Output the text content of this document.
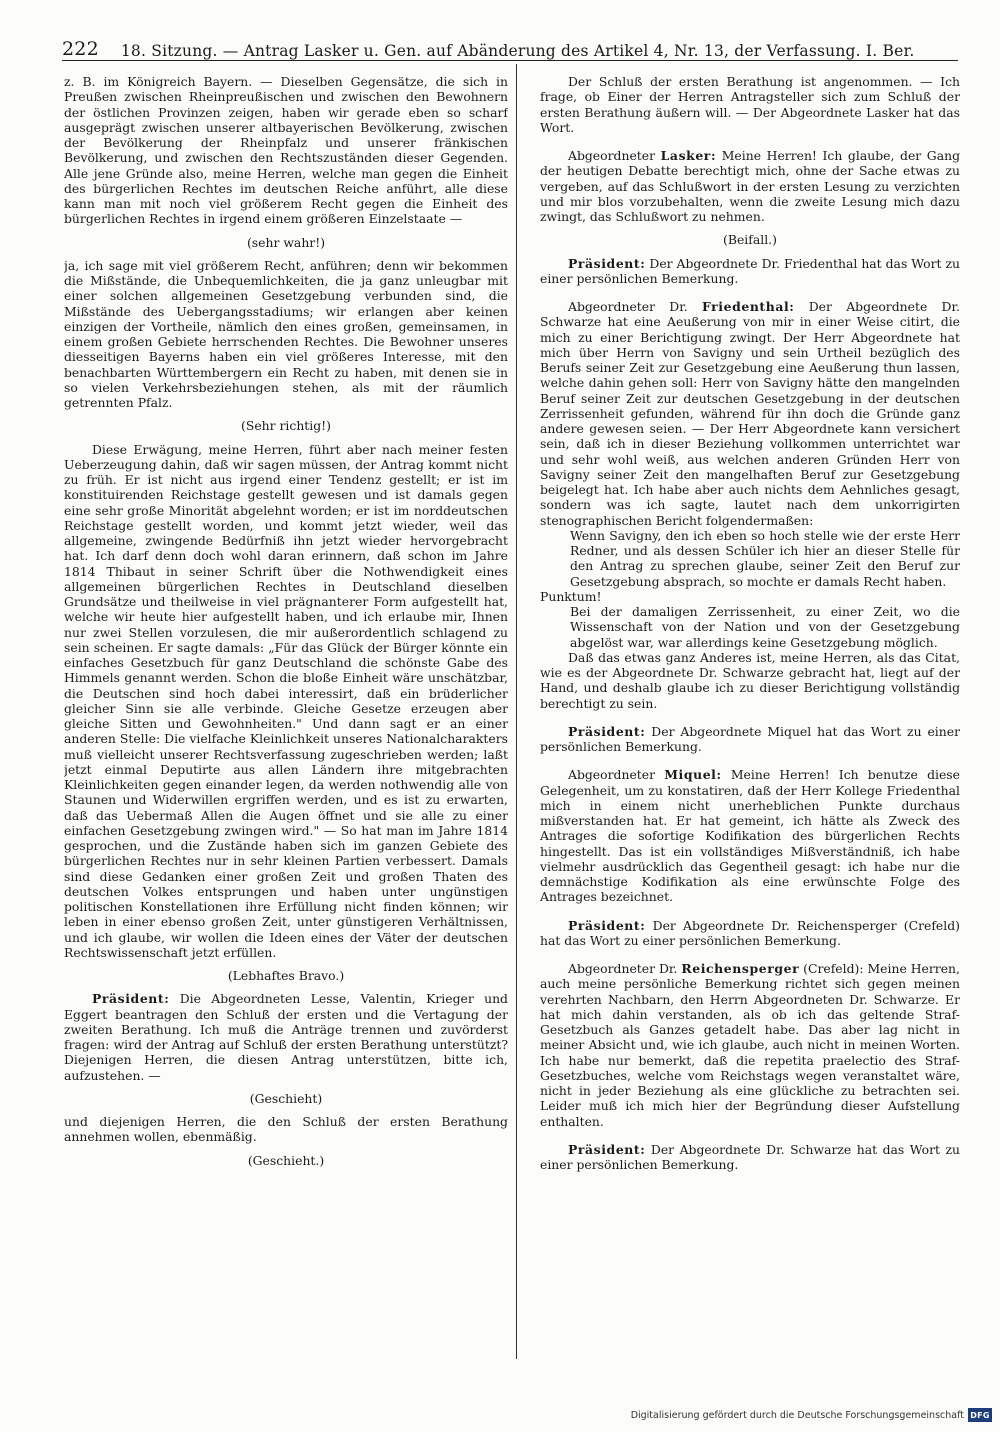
222 18. Sitzung. — Antrag Lasker u. Gen. auf Abänderung des Artikel 4, Nr. 13, der Verfassung. I. Ber.

z. B. im Königreich Bayern. — Dieselben Gegensätze, die sich in Preußen zwischen Rheinpreußischen und zwischen den Bewohnern der östlichen Provinzen zeigen, haben wir gerade eben so scharf ausgeprägt zwischen unserer altbayerischen Bevölkerung, zwischen der Bevölkerung der Rheinpfalz und unserer fränkischen Bevölkerung, und zwischen den Rechtszuständen dieser Gegenden. Alle jene Gründe also, meine Herren, welche man gegen die Einheit des bürgerlichen Rechtes im deutschen Reiche anführt, alle diese kann man mit noch viel größerem Recht gegen die Einheit des bürgerlichen Rechtes in irgend einem größeren Einzelstaate —

(sehr wahr!)

ja, ich sage mit viel größerem Recht, anführen; denn wir bekommen die Mißstände, die Unbequemlichkeiten, die ja ganz unleugbar mit einer solchen allgemeinen Gesetzgebung verbunden sind, die Mißstände des Uebergangsstadiums; wir erlangen aber keinen einzigen der Vortheile, nämlich den eines großen, gemeinsamen, in einem großen Gebiete herrschenden Rechtes. Die Bewohner unseres diesseitigen Bayerns haben ein viel größeres Interesse, mit den benachbarten Württembergern ein Recht zu haben, mit denen sie in so vielen Verkehrsbeziehungen stehen, als mit der räumlich getrennten Pfalz.

(Sehr richtig!)

Diese Erwägung, meine Herren, führt aber nach meiner festen Ueberzeugung dahin, daß wir sagen müssen, der Antrag kommt nicht zu früh. Er ist nicht aus irgend einer Tendenz gestellt; er ist im konstituirenden Reichstage gestellt gewesen und ist damals gegen eine sehr große Minorität abgelehnt worden; er ist im norddeutschen Reichstage gestellt worden, und kommt jetzt wieder, weil das allgemeine, zwingende Bedürfniß ihn jetzt wieder hervorgebracht hat. Ich darf denn doch wohl daran erinnern, daß schon im Jahre 1814 Thibaut in seiner Schrift über die Nothwendigkeit eines allgemeinen bürgerlichen Rechtes in Deutschland dieselben Grundsätze und theilweise in viel prägnanterer Form aufgestellt hat, welche wir heute hier aufgestellt haben, und ich erlaube mir, Ihnen nur zwei Stellen vorzulesen, die mir außerordentlich schlagend zu sein scheinen. Er sagte damals: „Für das Glück der Bürger könnte ein einfaches Gesetzbuch für ganz Deutschland die schönste Gabe des Himmels genannt werden. Schon die bloße Einheit wäre unschätzbar, die Deutschen sind hoch dabei interessirt, daß ein brüderlicher gleicher Sinn sie alle verbinde. Gleiche Gesetze erzeugen aber gleiche Sitten und Gewohnheiten." Und dann sagt er an einer anderen Stelle: Die vielfache Kleinlichkeit unseres Nationalcharakters muß vielleicht unserer Rechtsverfassung zugeschrieben werden; laßt jetzt einmal Deputirte aus allen Ländern ihre mitgebrachten Kleinlichkeiten gegen einander legen, da werden nothwendig alle von Staunen und Widerwillen ergriffen werden, und es ist zu erwarten, daß das Uebermaß Allen die Augen öffnet und sie alle zu einer einfachen Gesetzgebung zwingen wird." — So hat man im Jahre 1814 gesprochen, und die Zustände haben sich im ganzen Gebiete des bürgerlichen Rechtes nur in sehr kleinen Partien verbessert. Damals sind diese Gedanken einer großen Zeit und großen Thaten des deutschen Volkes entsprungen und haben unter ungünstigen politischen Konstellationen ihre Erfüllung nicht finden können; wir leben in einer ebenso großen Zeit, unter günstigeren Verhältnissen, und ich glaube, wir wollen die Ideen eines der Väter der deutschen Rechtswissenschaft jetzt erfüllen.

(Lebhaftes Bravo.)

Präsident: Die Abgeordneten Lesse, Valentin, Krieger und Eggert beantragen den Schluß der ersten und die Vertagung der zweiten Berathung. Ich muß die Anträge trennen und zuvörderst fragen: wird der Antrag auf Schluß der ersten Berathung unterstützt? Diejenigen Herren, die diesen Antrag unterstützen, bitte ich, aufzustehen. —

(Geschieht)

und diejenigen Herren, die den Schluß der ersten Berathung annehmen wollen, ebenmäßig.

(Geschieht.)

Der Schluß der ersten Berathung ist angenommen. — Ich frage, ob Einer der Herren Antragsteller sich zum Schluß der ersten Berathung äußern will. — Der Abgeordnete Lasker hat das Wort.

Abgeordneter Lasker: Meine Herren! Ich glaube, der Gang der heutigen Debatte berechtigt mich, ohne der Sache etwas zu vergeben, auf das Schlußwort in der ersten Lesung zu verzichten und mir blos vorzubehalten, wenn die zweite Lesung mich dazu zwingt, das Schlußwort zu nehmen.

(Beifall.)

Präsident: Der Abgeordnete Dr. Friedenthal hat das Wort zu einer persönlichen Bemerkung.

Abgeordneter Dr. Friedenthal: Der Abgeordnete Dr. Schwarze hat eine Aeußerung von mir in einer Weise citirt, die mich zu einer Berichtigung zwingt. Der Herr Abgeordnete hat mich über Herrn von Savigny und sein Urtheil bezüglich des Berufs seiner Zeit zur Gesetzgebung eine Aeußerung thun lassen, welche dahin gehen soll: Herr von Savigny hätte den mangelnden Beruf seiner Zeit zur deutschen Gesetzgebung in der deutschen Zerrissenheit gefunden, während für ihn doch die Gründe ganz andere gewesen seien. — Der Herr Abgeordnete kann versichert sein, daß ich in dieser Beziehung vollkommen unterrichtet war und sehr wohl weiß, aus welchen anderen Gründen Herr von Savigny seiner Zeit den mangelhaften Beruf zur Gesetzgebung beigelegt hat. Ich habe aber auch nichts dem Aehnliches gesagt, sondern was ich sagte, lautet nach dem unkorrigirten stenographischen Bericht folgendermaßen:

Wenn Savigny, den ich eben so hoch stelle wie der erste Herr Redner, und als dessen Schüler ich hier an dieser Stelle für den Antrag zu sprechen glaube, seiner Zeit den Beruf zur Gesetzgebung absprach, so mochte er damals Recht haben.

Punktum!

Bei der damaligen Zerrissenheit, zu einer Zeit, wo die Wissenschaft von der Nation und von der Gesetzgebung abgelöst war, war allerdings keine Gesetzgebung möglich.

Daß das etwas ganz Anderes ist, meine Herren, als das Citat, wie es der Abgeordnete Dr. Schwarze gebracht hat, liegt auf der Hand, und deshalb glaube ich zu dieser Berichtigung vollständig berechtigt zu sein.

Präsident: Der Abgeordnete Miquel hat das Wort zu einer persönlichen Bemerkung.

Abgeordneter Miquel: Meine Herren! Ich benutze diese Gelegenheit, um zu konstatiren, daß der Herr Kollege Friedenthal mich in einem nicht unerheblichen Punkte durchaus mißverstanden hat. Er hat gemeint, ich hätte als Zweck des Antrages die sofortige Kodifikation des bürgerlichen Rechts hingestellt. Das ist ein vollständiges Mißverständniß, ich habe vielmehr ausdrücklich das Gegentheil gesagt: ich habe nur die demnächstige Kodifikation als eine erwünschte Folge des Antrages bezeichnet.

Präsident: Der Abgeordnete Dr. Reichensperger (Crefeld) hat das Wort zu einer persönlichen Bemerkung.

Abgeordneter Dr. Reichensperger (Crefeld): Meine Herren, auch meine persönliche Bemerkung richtet sich gegen meinen verehrten Nachbarn, den Herrn Abgeordneten Dr. Schwarze. Er hat mich dahin verstanden, als ob ich das geltende Straf-Gesetzbuch als Ganzes getadelt habe. Das aber lag nicht in meiner Absicht und, wie ich glaube, auch nicht in meinen Worten. Ich habe nur bemerkt, daß die repetita praelectio des Straf-Gesetzbuches, welche vom Reichstags wegen veranstaltet wäre, nicht in jeder Beziehung als eine glückliche zu betrachten sei. Leider muß ich mich hier der Begründung dieser Aufstellung enthalten.

Präsident: Der Abgeordnete Dr. Schwarze hat das Wort zu einer persönlichen Bemerkung.

Digitalisierung gefördert durch die Deutsche Forschungsgemeinschaft DFG
